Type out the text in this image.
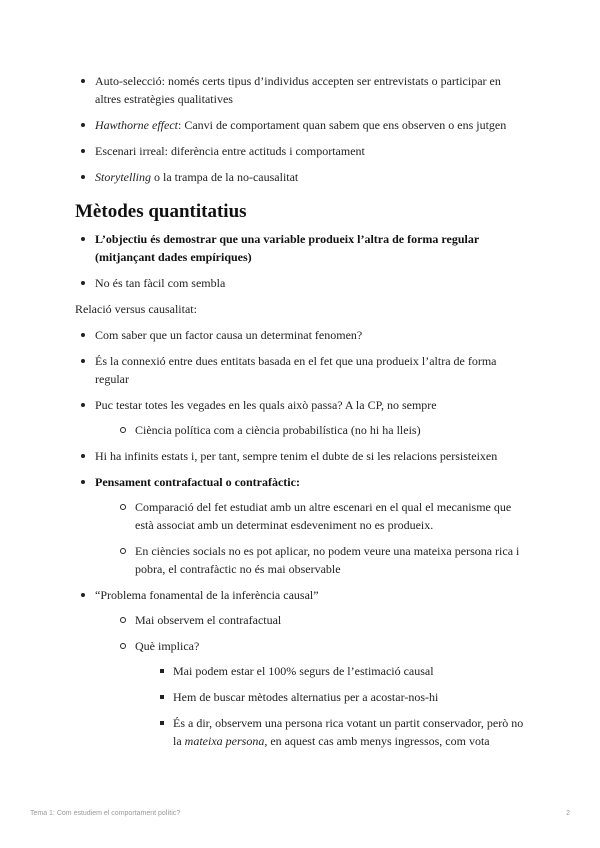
Auto-selecció: només certs tipus d’individus accepten ser entrevistats o participar en altres estratègies qualitatives
Hawthorne effect: Canvi de comportament quan sabem que ens observen o ens jutgen
Escenari irreal: diferència entre actituds i comportament
Storytelling o la trampa de la no-causalitat
Mètodes quantitatius
L’objectiu és demostrar que una variable produeix l’altra de forma regular (mitjançant dades empíriques)
No és tan fàcil com sembla

Relació versus causalitat:

Com saber que un factor causa un determinat fenomen?
És la connexió entre dues entitats basada en el fet que una produeix l’altra de forma regular
Puc testar totes les vegades en les quals això passa? A la CP, no sempre
Ciència política com a ciència probabilística (no hi ha lleis)
Hi ha infinits estats i, per tant, sempre tenim el dubte de si les relacions persisteixen
Pensament contrafactual o contrafàctic:
Comparació del fet estudiat amb un altre escenari en el qual el mecanisme que està associat amb un determinat esdeveniment no es produeix.
En ciències socials no es pot aplicar, no podem veure una mateixa persona rica i pobra, el contrafàctic no és mai observable
“Problema fonamental de la inferència causal”
Mai observem el contrafactual
Què implica?
Mai podem estar el 100% segurs de l’estimació causal
Hem de buscar mètodes alternatius per a acostar-nos-hi
És a dir, observem una persona rica votant un partit conservador, però no la mateixa persona, en aquest cas amb menys ingressos, com vota
Tema 1: Com estudiem el comportament polític?	2
